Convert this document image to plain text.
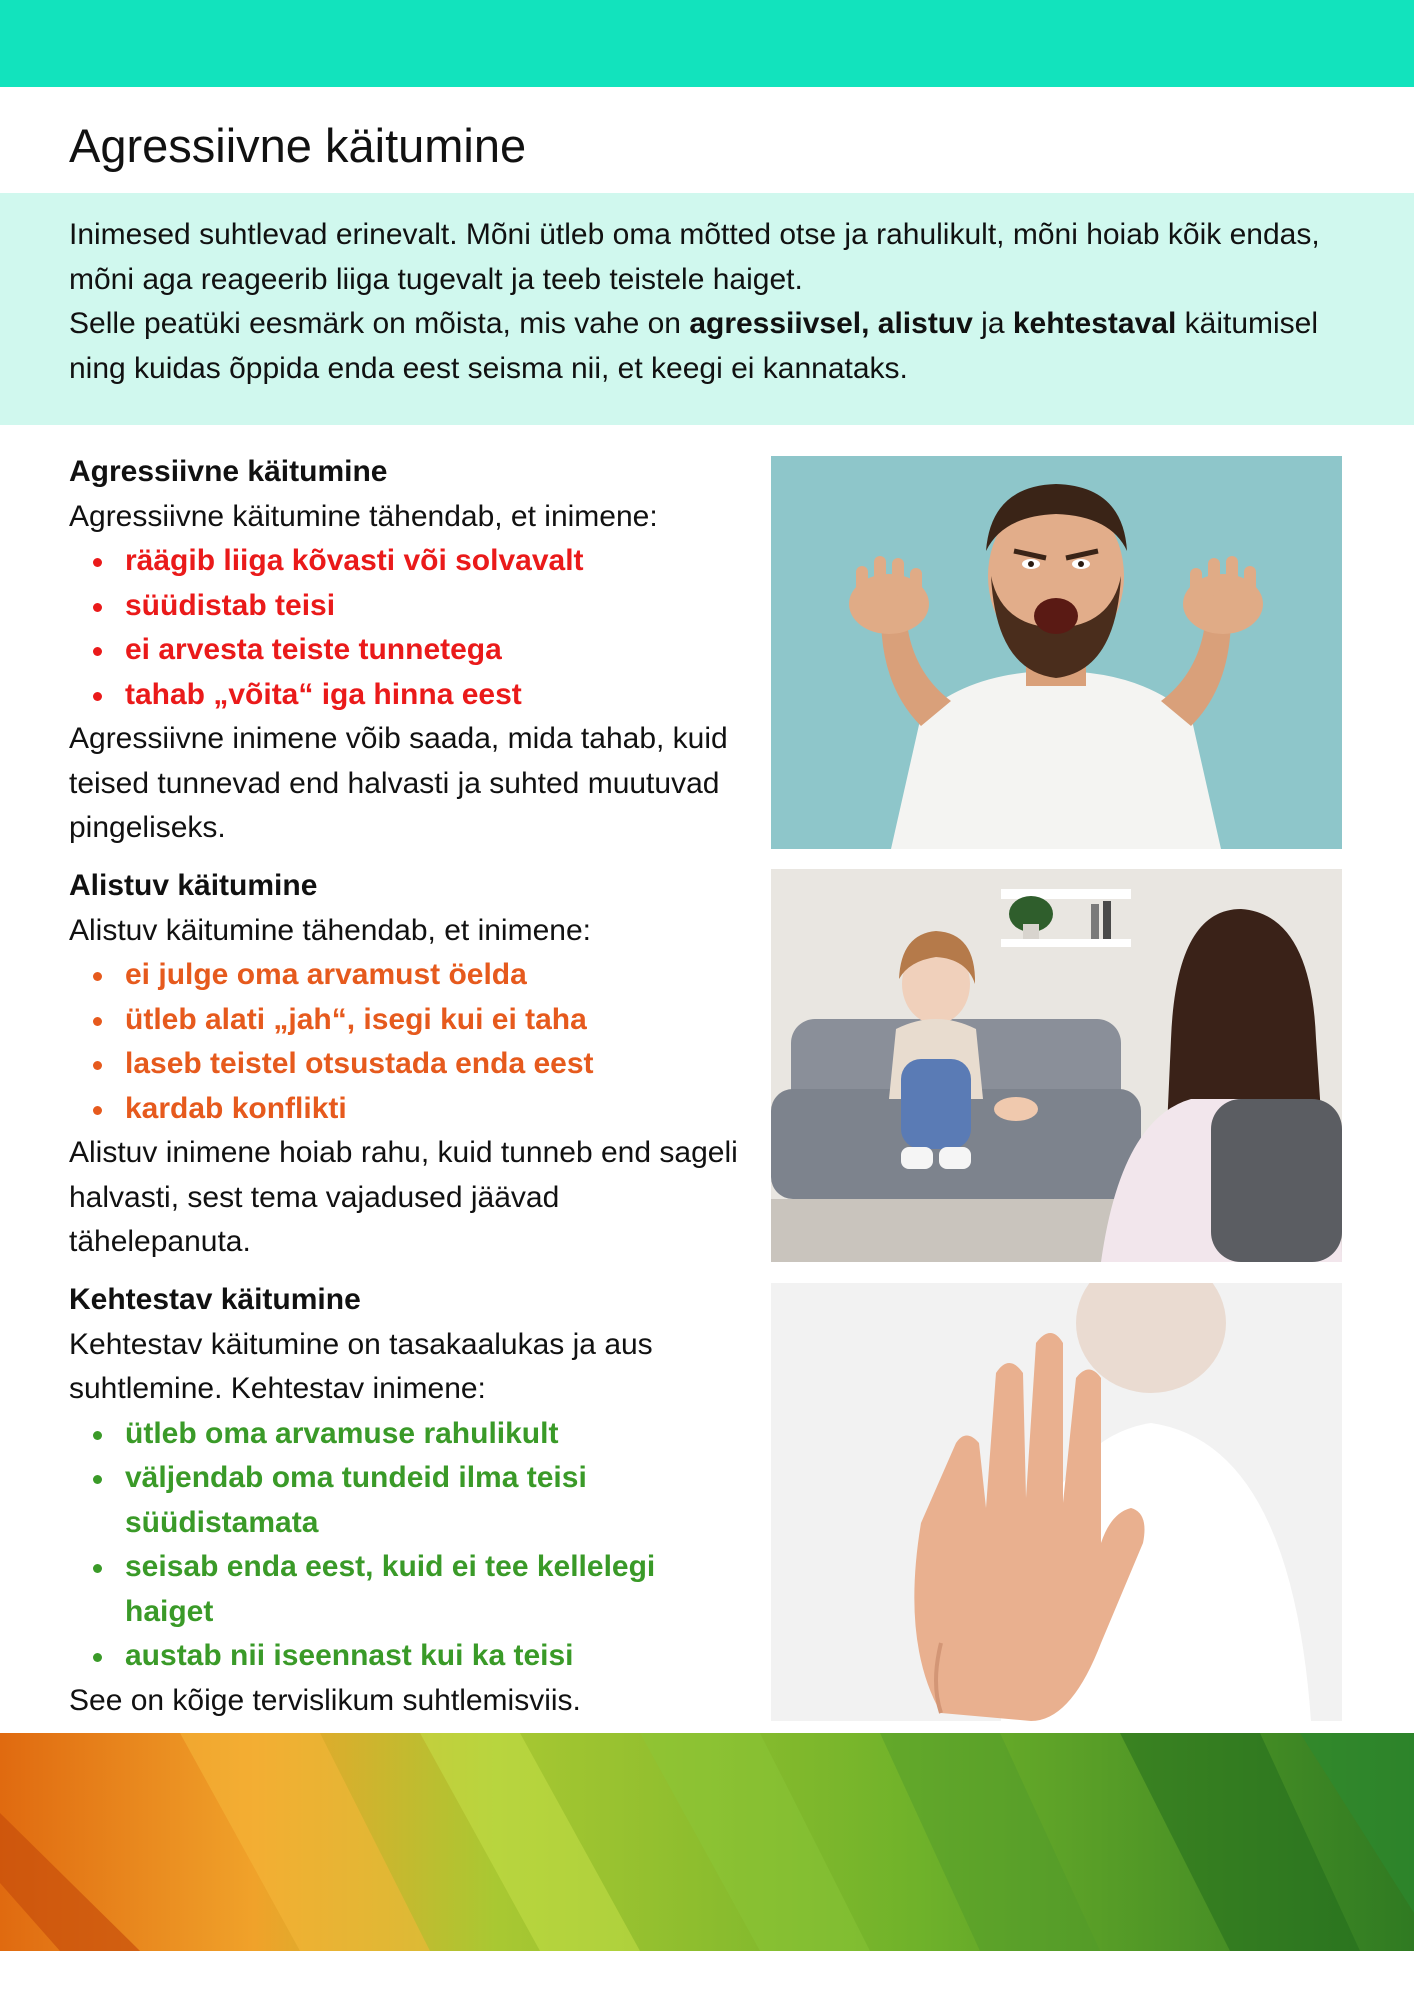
Agressiivne käitumine

Inimesed suhtlevad erinevalt. Mõni ütleb oma mõtted otse ja rahulikult, mõni hoiab kõik endas, mõni aga reageerib liiga tugevalt ja teeb teistele haiget.
Selle peatüki eesmärk on mõista, mis vahe on agressiivsel, alistuv ja kehtestaval käitumisel ning kuidas õppida enda eest seisma nii, et keegi ei kannataks.

Agressiivne käitumine

Agressiivne käitumine tähendab, et inimene:

räägib liiga kõvasti või solvavalt
süüdistab teisi
ei arvesta teiste tunnetega
tahab „võita“ iga hinna eest

Agressiivne inimene võib saada, mida tahab, kuid teised tunnevad end halvasti ja suhted muutuvad pingeliseks.

Alistuv käitumine

Alistuv käitumine tähendab, et inimene:

ei julge oma arvamust öelda
ütleb alati „jah“, isegi kui ei taha
laseb teistel otsustada enda eest
kardab konflikti

Alistuv inimene hoiab rahu, kuid tunneb end sageli halvasti, sest tema vajadused jäävad tähelepanuta.

Kehtestav käitumine

Kehtestav käitumine on tasakaalukas ja aus suhtlemine. Kehtestav inimene:

ütleb oma arvamuse rahulikult
väljendab oma tundeid ilma teisi süüdistamata
seisab enda eest, kuid ei tee kellelegi haiget
austab nii iseennast kui ka teisi

See on kõige tervislikum suhtlemisviis.
